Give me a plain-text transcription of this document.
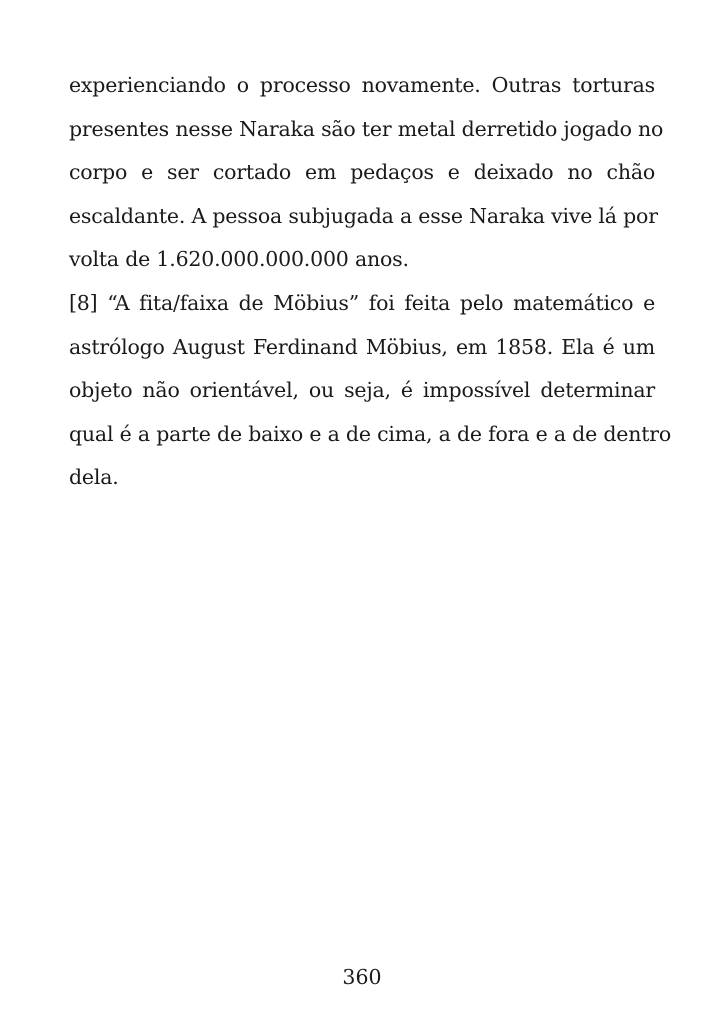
experienciando o processo novamente. Outras torturas
presentes nesse Naraka são ter metal derretido jogado no
corpo e ser cortado em pedaços e deixado no chão
escaldante. A pessoa subjugada a esse Naraka vive lá por
volta de 1.620.000.000.000 anos.
[8] “A fita/faixa de Möbius” foi feita pelo matemático e
astrólogo August Ferdinand Möbius, em 1858. Ela é um
objeto não orientável, ou seja, é impossível determinar
qual é a parte de baixo e a de cima, a de fora e a de dentro
dela.
360
